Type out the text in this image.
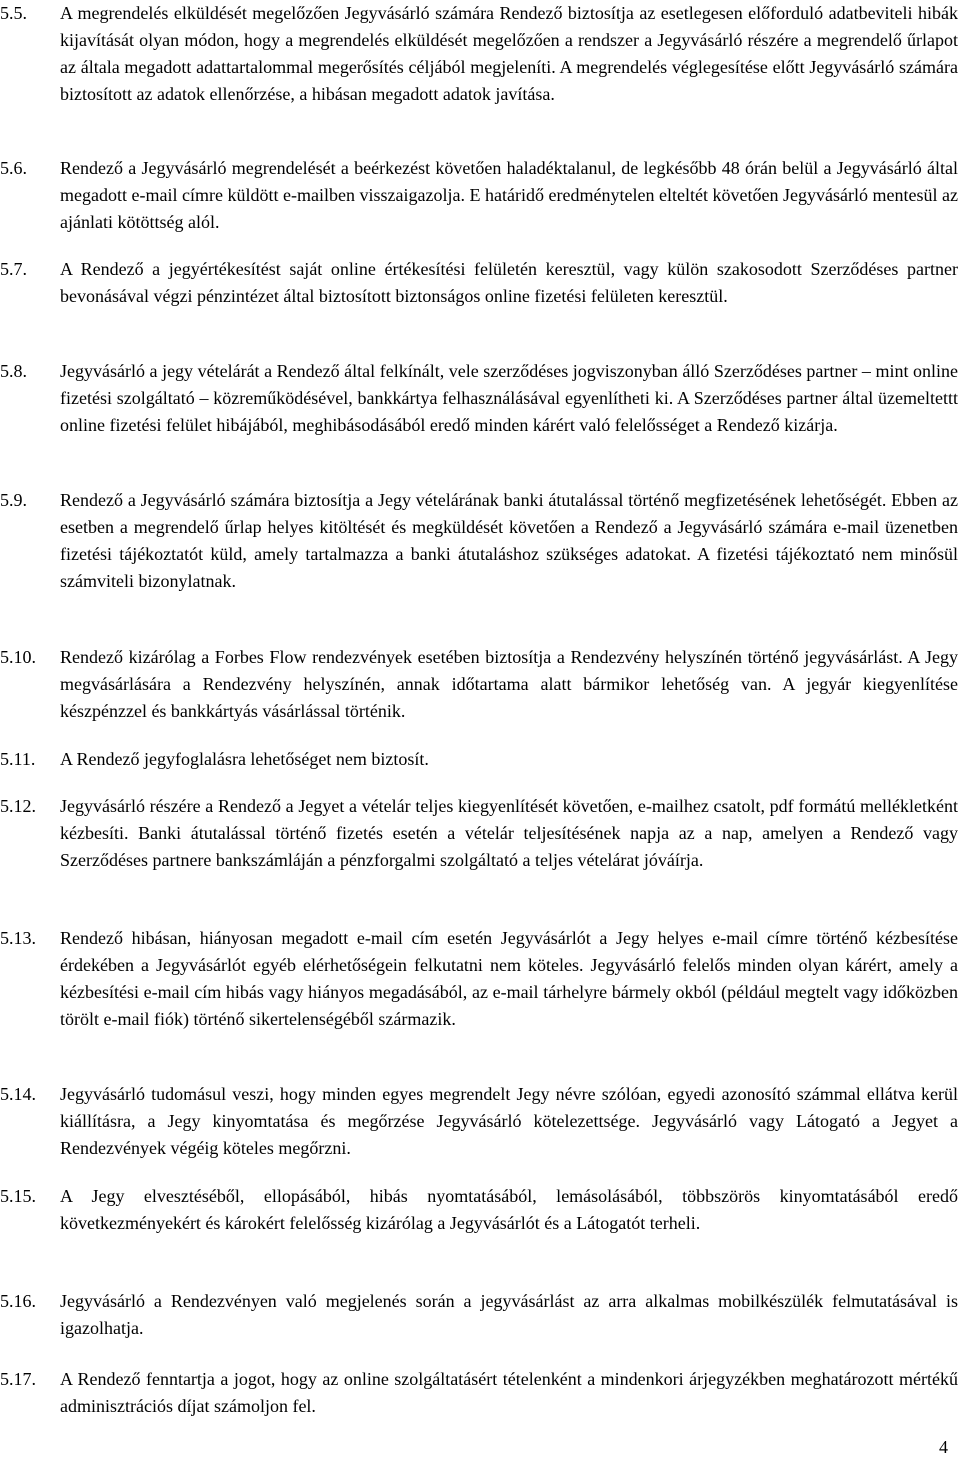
5.5. A megrendelés elküldését megelőzően Jegyvásárló számára Rendező biztosítja az esetlegesen előforduló adatbeviteli hibák kijavítását olyan módon, hogy a megrendelés elküldését megelőzően a rendszer a Jegyvásárló részére a megrendelő űrlapot az általa megadott adattartalommal megerősítés céljából megjeleníti. A megrendelés véglegesítése előtt Jegyvásárló számára biztosított az adatok ellenőrzése, a hibásan megadott adatok javítása.
5.6. Rendező a Jegyvásárló megrendelését a beérkezést követően haladéktalanul, de legkésőbb 48 órán belül a Jegyvásárló által megadott e-mail címre küldött e-mailben visszaigazolja. E határidő eredménytelen elteltét követően Jegyvásárló mentesül az ajánlati kötöttség alól.
5.7. A Rendező a jegyértékesítést saját online értékesítési felületén keresztül, vagy külön szakosodott Szerződéses partner bevonásával végzi pénzintézet által biztosított biztonságos online fizetési felületen keresztül.
5.8. Jegyvásárló a jegy vételárát a Rendező által felkínált, vele szerződéses jogviszonyban álló Szerződéses partner – mint online fizetési szolgáltató – közreműködésével, bankkártya felhasználásával egyenlítheti ki. A Szerződéses partner által üzemeltettt online fizetési felület hibájából, meghibásodásából eredő minden kárért való felelősséget a Rendező kizárja.
5.9. Rendező a Jegyvásárló számára biztosítja a Jegy vételárának banki átutalással történő megfizetésének lehetőségét. Ebben az esetben a megrendelő űrlap helyes kitöltését és megküldését követően a Rendező a Jegyvásárló számára e-mail üzenetben fizetési tájékoztatót küld, amely tartalmazza a banki átutaláshoz szükséges adatokat. A fizetési tájékoztató nem minősül számviteli bizonylatnak.
5.10. Rendező kizárólag a Forbes Flow rendezvények esetében biztosítja a Rendezvény helyszínén történő jegyvásárlást. A Jegy megvásárlására a Rendezvény helyszínén, annak időtartama alatt bármikor lehetőség van. A jegyár kiegyenlítése készpénzzel és bankkártyás vásárlással történik.
5.11. A Rendező jegyfoglalásra lehetőséget nem biztosít.
5.12. Jegyvásárló részére a Rendező a Jegyet a vételár teljes kiegyenlítését követően, e-mailhez csatolt, pdf formátú mellékletként kézbesíti. Banki átutalással történő fizetés esetén a vételár teljesítésének napja az a nap, amelyen a Rendező vagy Szerződéses partnere bankszámláján a pénzforgalmi szolgáltató a teljes vételárat jóváírja.
5.13. Rendező hibásan, hiányosan megadott e-mail cím esetén Jegyvásárlót a Jegy helyes e-mail címre történő kézbesítése érdekében a Jegyvásárlót egyéb elérhetőségein felkutatni nem köteles. Jegyvásárló felelős minden olyan kárért, amely a kézbesítési e-mail cím hibás vagy hiányos megadásából, az e-mail tárhelyre bármely okból (például megtelt vagy időközben törölt e-mail fiók) történő sikertelenségéből származik.
5.14. Jegyvásárló tudomásul veszi, hogy minden egyes megrendelt Jegy névre szólóan, egyedi azonosító számmal ellátva kerül kiállításra, a Jegy kinyomtatása és megőrzése Jegyvásárló kötelezettsége. Jegyvásárló vagy Látogató a Jegyet a Rendezvények végéig köteles megőrzni.
5.15. A Jegy elvesztéséből, ellopásából, hibás nyomtatásából, lemásolásából, többszörös kinyomtatásából eredő következményekért és károkért felelősség kizárólag a Jegyvásárlót és a Látogatót terheli.
5.16. Jegyvásárló a Rendezvényen való megjelenés során a jegyvásárlást az arra alkalmas mobilkészülék felmutatásával is igazolhatja.
5.17. A Rendező fenntartja a jogot, hogy az online szolgáltatásért tételenként a mindenkori árjegyzékben meghatározott mértékű adminisztrációs díjat számoljon fel.
4
